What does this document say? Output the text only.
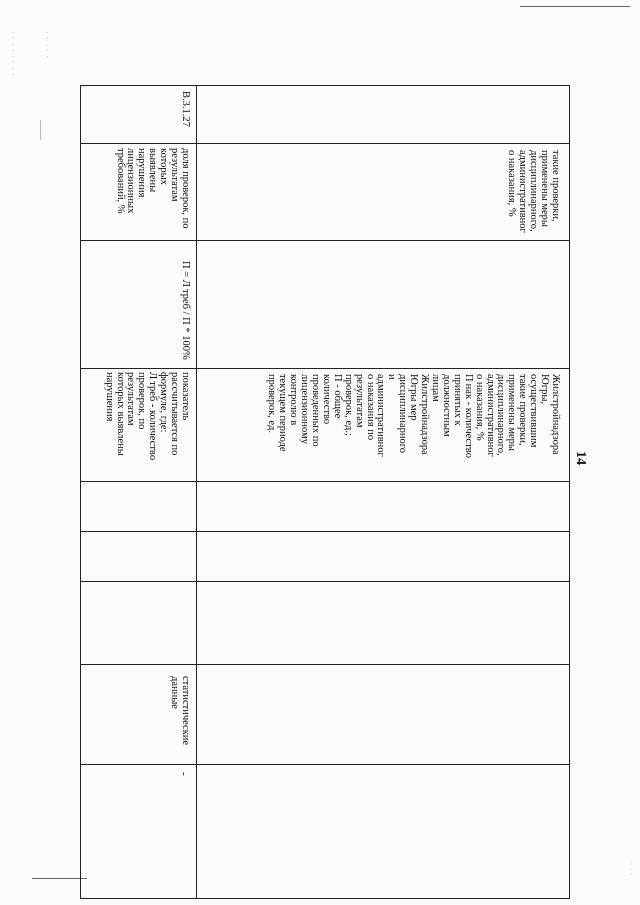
·
·
·
·
·
·
·
·
·
·
·
·
·
·
·
·
14
такие проверки,
применены меры
дисциплинарного,
административног
о наказания, %
Жилстройнадзора
Югры,
осуществившим
такие проверки,
применены меры
дисциплинарного,
административног
о наказания, %
П нак - количество
принятых к
должностным
лицам
Жилстройнадзора
Югры мер
дисциплинарного
и
административног
о наказания по
результатам
проверок, ед.;
П - общее
количество
проведенных по
лицензионному
контролю в
текущем периоде
проверок, ед.
В.3.1.27
доля проверок, по
результатам
которых
выявлены
нарушения
лицензионных
требований, %
П = Л треб / П * 100%
показатель
рассчитывается по
формуле, где:
Л треб - количество
проверок, по
результатам
которых выявлены
нарушения
статистические
данные
-
